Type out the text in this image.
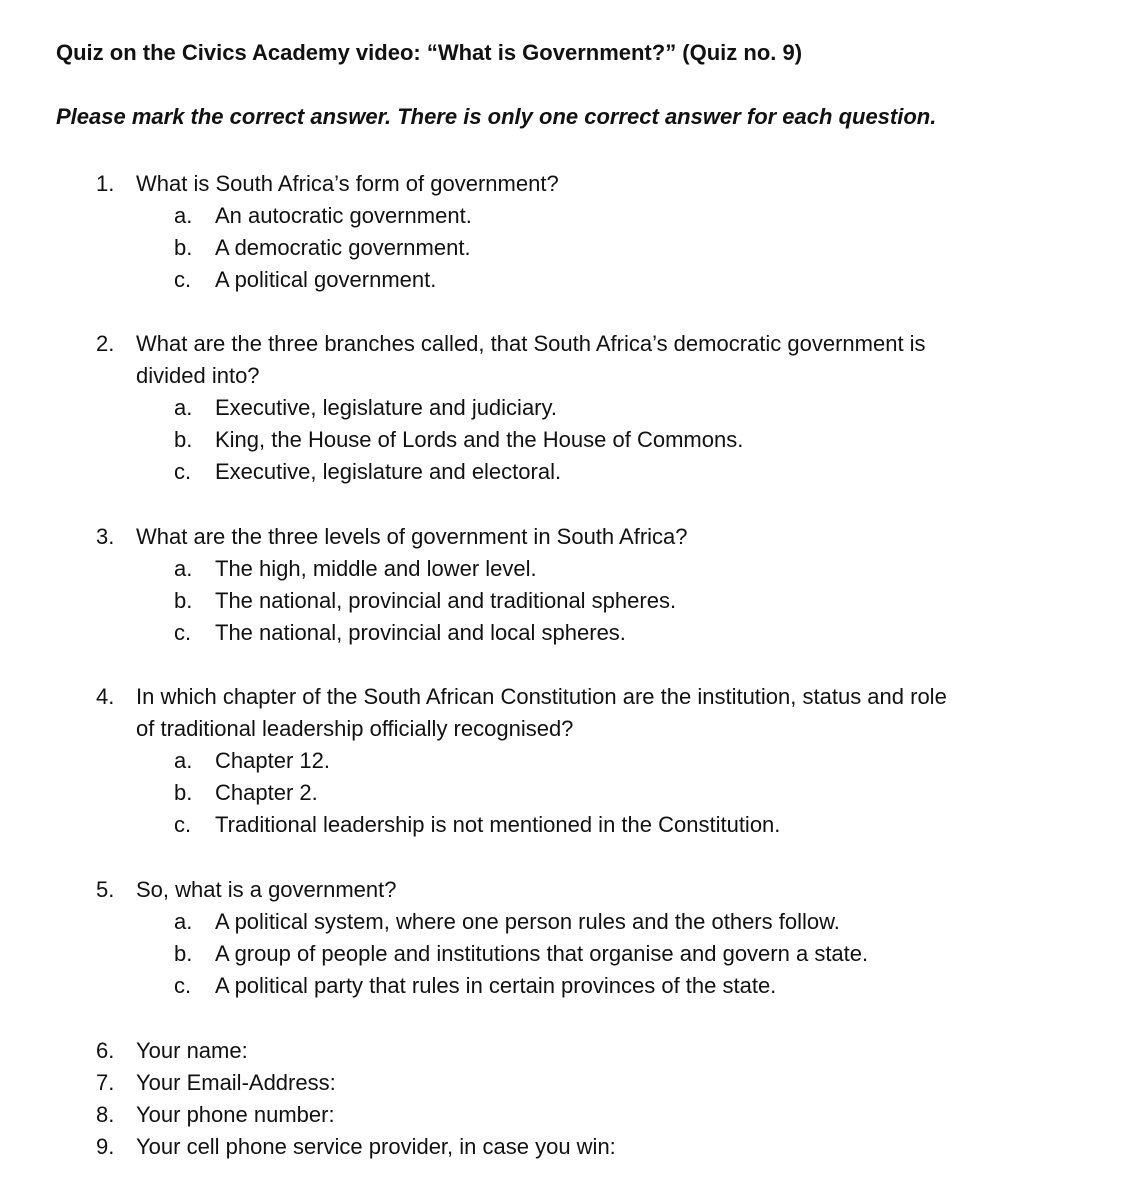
Quiz on the Civics Academy video: “What is Government?” (Quiz no. 9)
Please mark the correct answer. There is only one correct answer for each question.
1. What is South Africa’s form of government?
a. An autocratic government.
b. A democratic government.
c. A political government.
2. What are the three branches called, that South Africa’s democratic government is
divided into?
a. Executive, legislature and judiciary.
b. King, the House of Lords and the House of Commons.
c. Executive, legislature and electoral.
3. What are the three levels of government in South Africa?
a. The high, middle and lower level.
b. The national, provincial and traditional spheres.
c. The national, provincial and local spheres.
4. In which chapter of the South African Constitution are the institution, status and role
of traditional leadership officially recognised?
a. Chapter 12.
b. Chapter 2.
c. Traditional leadership is not mentioned in the Constitution.
5. So, what is a government?
a. A political system, where one person rules and the others follow.
b. A group of people and institutions that organise and govern a state.
c. A political party that rules in certain provinces of the state.
6. Your name:
7. Your Email-Address:
8. Your phone number:
9. Your cell phone service provider, in case you win:
